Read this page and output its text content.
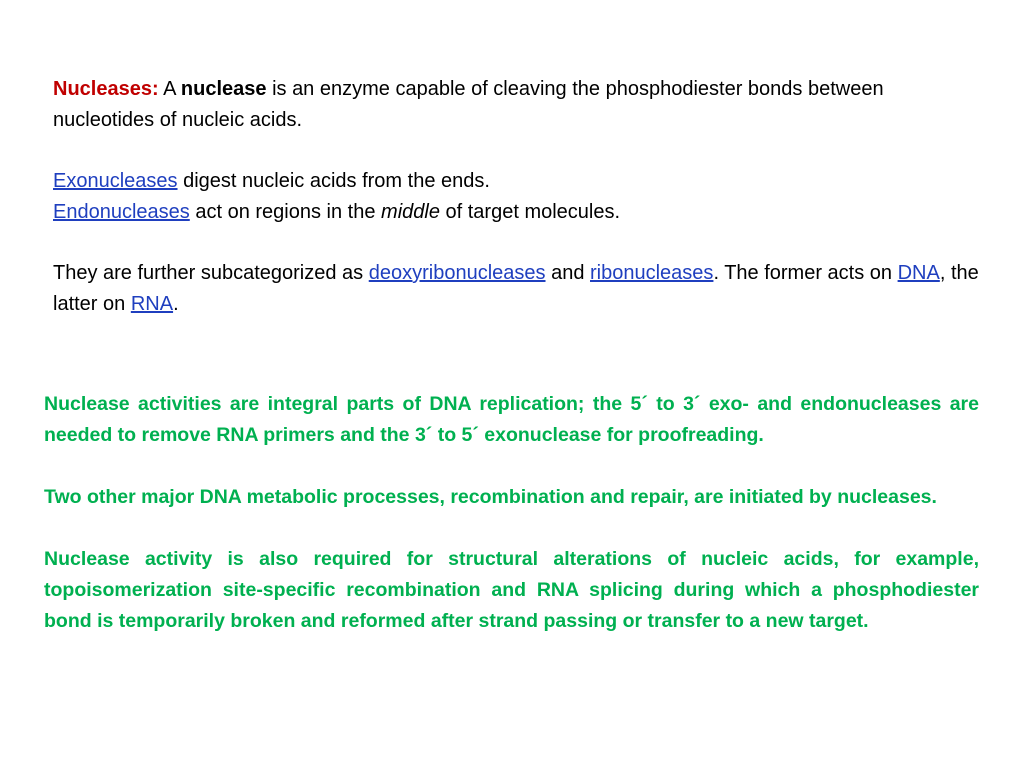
Nucleases: A nuclease is an enzyme capable of cleaving the phosphodiester bonds between nucleotides of nucleic acids.

Exonucleases digest nucleic acids from the ends.

Endonucleases act on regions in the middle of target molecules.

They are further subcategorized as deoxyribonucleases and ribonucleases. The former acts on DNA, the latter on RNA.

Nuclease activities are integral parts of DNA replication; the 5´ to 3´ exo- and endonucleases are needed to remove RNA primers and the 3´ to 5´ exonuclease for proofreading.

Two other major DNA metabolic processes, recombination and repair, are initiated by nucleases.

Nuclease activity is also required for structural alterations of nucleic acids, for example, topoisomerization site-specific recombination and RNA splicing during which a phosphodiester bond is temporarily broken and reformed after strand passing or transfer to a new target.
